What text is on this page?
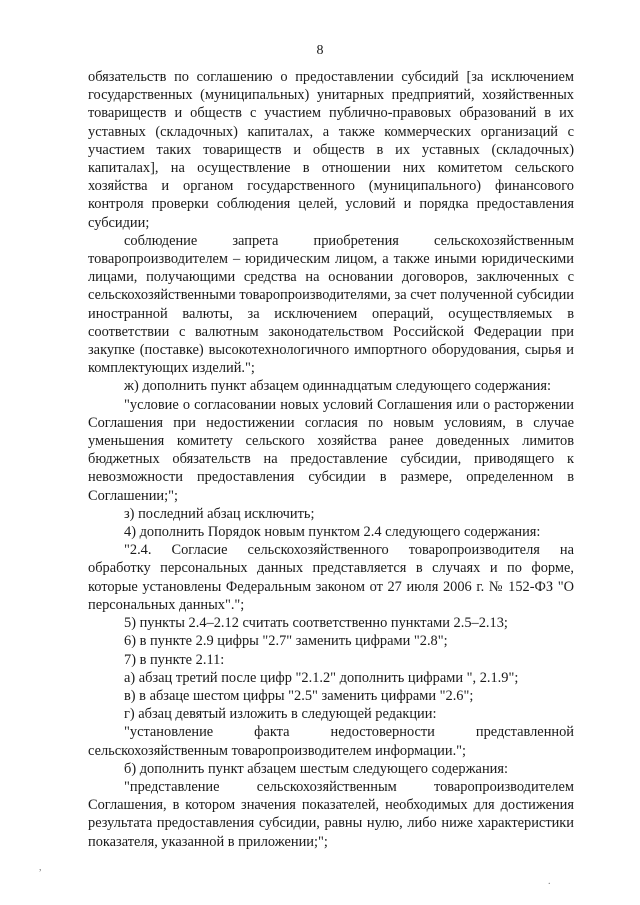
8

обязательств по соглашению о предоставлении субсидий [за исключением государственных (муниципальных) унитарных предприятий, хозяйственных товариществ и обществ с участием публично-правовых образований в их уставных (складочных) капиталах, а также коммерческих организаций с участием таких товариществ и обществ в их уставных (складочных) капиталах], на осуществление в отношении них комитетом сельского хозяйства и органом государственного (муниципального) финансового контроля проверки соблюдения целей, условий и порядка предоставления субсидии;

соблюдение запрета приобретения сельскохозяйственным товаропроизводителем – юридическим лицом, а также иными юридическими лицами, получающими средства на основании договоров, заключенных с сельскохозяйственными товаропроизводителями, за счет полученной субсидии иностранной валюты, за исключением операций, осуществляемых в соответствии с валютным законодательством Российской Федерации при закупке (поставке) высокотехнологичного импортного оборудования, сырья и комплектующих изделий.";

ж) дополнить пункт абзацем одиннадцатым следующего содержания:

"условие о согласовании новых условий Соглашения или о расторжении Соглашения при недостижении согласия по новым условиям, в случае уменьшения комитету сельского хозяйства ранее доведенных лимитов бюджетных обязательств на предоставление субсидии, приводящего к невозможности предоставления субсидии в размере, определенном в Соглашении;";

з) последний абзац исключить;

4) дополнить Порядок новым пунктом 2.4 следующего содержания:

"2.4. Согласие сельскохозяйственного товаропроизводителя на обработку персональных данных представляется в случаях и по форме, которые установлены Федеральным законом от 27 июля 2006 г. № 152-ФЗ "О персональных данных".";

5) пункты 2.4–2.12 считать соответственно пунктами 2.5–2.13;

6) в пункте 2.9 цифры "2.7" заменить цифрами "2.8";

7) в пункте 2.11:

а) абзац третий после цифр "2.1.2" дополнить цифрами ", 2.1.9";

в) в абзаце шестом цифры "2.5" заменить цифрами "2.6";

г) абзац девятый изложить в следующей редакции:

"установление факта недостоверности представленной сельскохозяйственным товаропроизводителем информации.";

б) дополнить пункт абзацем шестым следующего содержания:

"представление сельскохозяйственным товаропроизводителем Соглашения, в котором значения показателей, необходимых для достижения результата предоставления субсидии, равны нулю, либо ниже характеристики показателя, указанной в приложении;";

,
.
